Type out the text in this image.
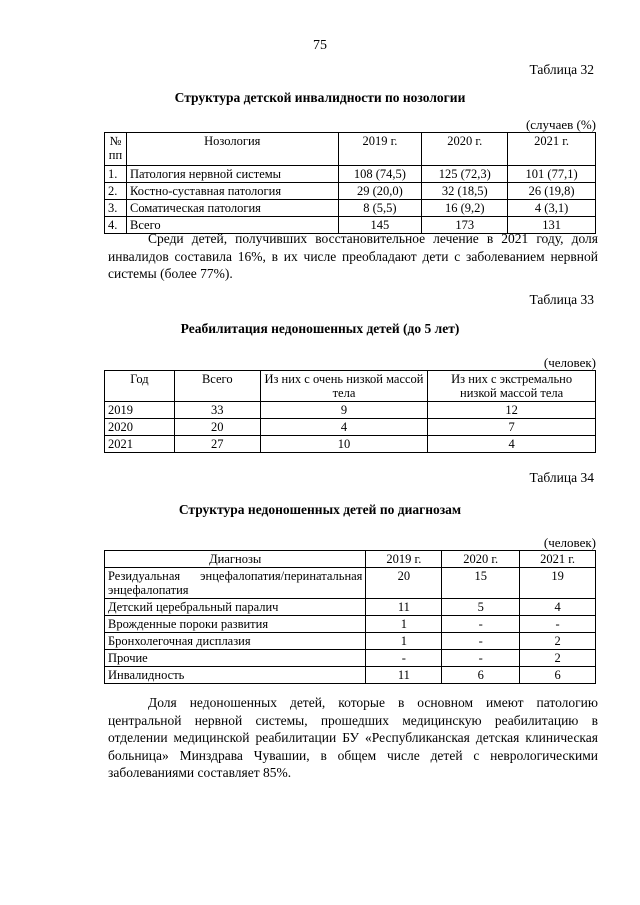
75
Таблица 32
Структура детской инвалидности по нозологии
(случаев (%)
№ пп	Нозология	2019 г.	2020 г.	2021 г.
1.	Патология нервной системы	108 (74,5)	125 (72,3)	101 (77,1)
2.	Костно-суставная патология	29 (20,0)	32 (18,5)	26 (19,8)
3.	Соматическая патология	8 (5,5)	16 (9,2)	4 (3,1)
4.	Всего	145	173	131

Среди детей, получивших восстановительное лечение в 2021 году, доля инвалидов составила 16%, в их числе преобладают дети с заболеванием нервной системы (более 77%).

Таблица 33
Реабилитация недоношенных детей (до 5 лет)
(человек)
Год	Всего	Из них с очень низкой массой тела	Из них с экстремально низкой массой тела
2019	33	9	12
2020	20	4	7
2021	27	10	4
Таблица 34
Структура недоношенных детей по диагнозам
(человек)
Диагнозы	2019 г.	2020 г.	2021 г.
Резидуальная энцефалопатия/перинатальная энцефалопатия	20	15	19
Детский церебральный паралич	11	5	4
Врожденные пороки развития	1	-	-
Бронхолегочная дисплазия	1	-	2
Прочие	-	-	2
Инвалидность	11	6	6

Доля недоношенных детей, которые в основном имеют патологию центральной нервной системы, прошедших медицинскую реабилитацию в отделении медицинской реабилитации БУ «Республиканская детская клиническая больница» Минздрава Чувашии, в общем числе детей с неврологическими заболеваниями составляет 85%.
